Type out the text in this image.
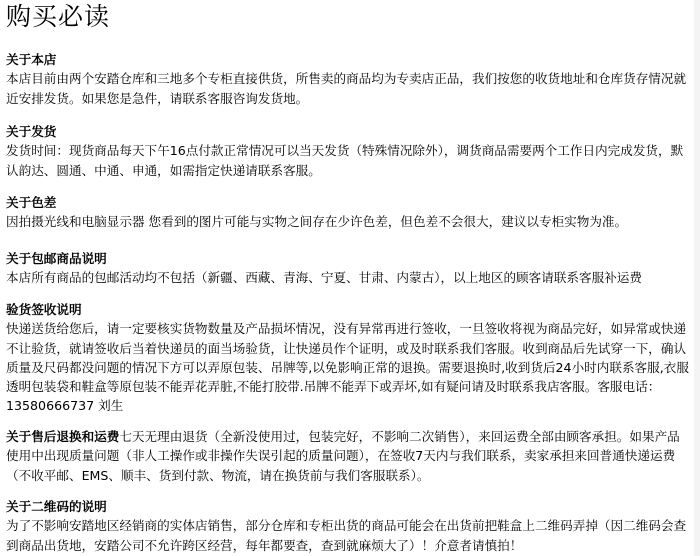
购买必读
关于本店
本店目前由两个安踏仓库和三地多个专柜直接供货，所售卖的商品均为专卖店正品，我们按您的收货地址和仓库货存情况就近安排发货。如果您是急件，请联系客服咨询发货地。
关于发货
发货时间：现货商品每天下午16点付款正常情况可以当天发货（特殊情况除外），调货商品需要两个工作日内完成发货，默认韵达、圆通、中通、申通，如需指定快递请联系客服。
关于色差
因拍摄光线和电脑显示器 您看到的图片可能与实物之间存在少许色差，但色差不会很大，建议以专柜实物为准。
关于包邮商品说明
本店所有商品的包邮活动均不包括（新疆、西藏、青海、宁夏、甘肃、内蒙古），以上地区的顾客请联系客服补运费
验货签收说明
快递送货给您后，请一定要核实货物数量及产品损坏情况，没有异常再进行签收，一旦签收将视为商品完好，如异常或快递不让验货，就请签收后当着快递员的面当场验货，让快递员作个证明，或及时联系我们客服。收到商品后先试穿一下，确认质量及尺码都没问题的情况下方可以弄原包装、吊牌等,以免影响正常的退换。需要退换时,收到货后24小时内联系客服,衣服透明包装袋和鞋盒等原包装不能弄花弄脏,不能打胶带.吊牌不能弄下或弄坏,如有疑问请及时联系我店客服。客服电话：13580666737 刘生
关于售后退换和运费七天无理由退货（全新没使用过，包装完好，不影响二次销售），来回运费全部由顾客承担。如果产品使用中出现质量问题（非人工操作或非操作失误引起的质量问题），在签收7天内与我们联系，卖家承担来回普通快递运费（不收平邮、EMS、顺丰、货到付款、物流，请在换货前与我们客服联系）。
关于二维码的说明
为了不影响安踏地区经销商的实体店销售，部分仓库和专柜出货的商品可能会在出货前把鞋盒上二维码弄掉（因二维码会查到商品出货地，安踏公司不允许跨区经营，每年都要查，查到就麻烦大了）！介意者请慎拍！
